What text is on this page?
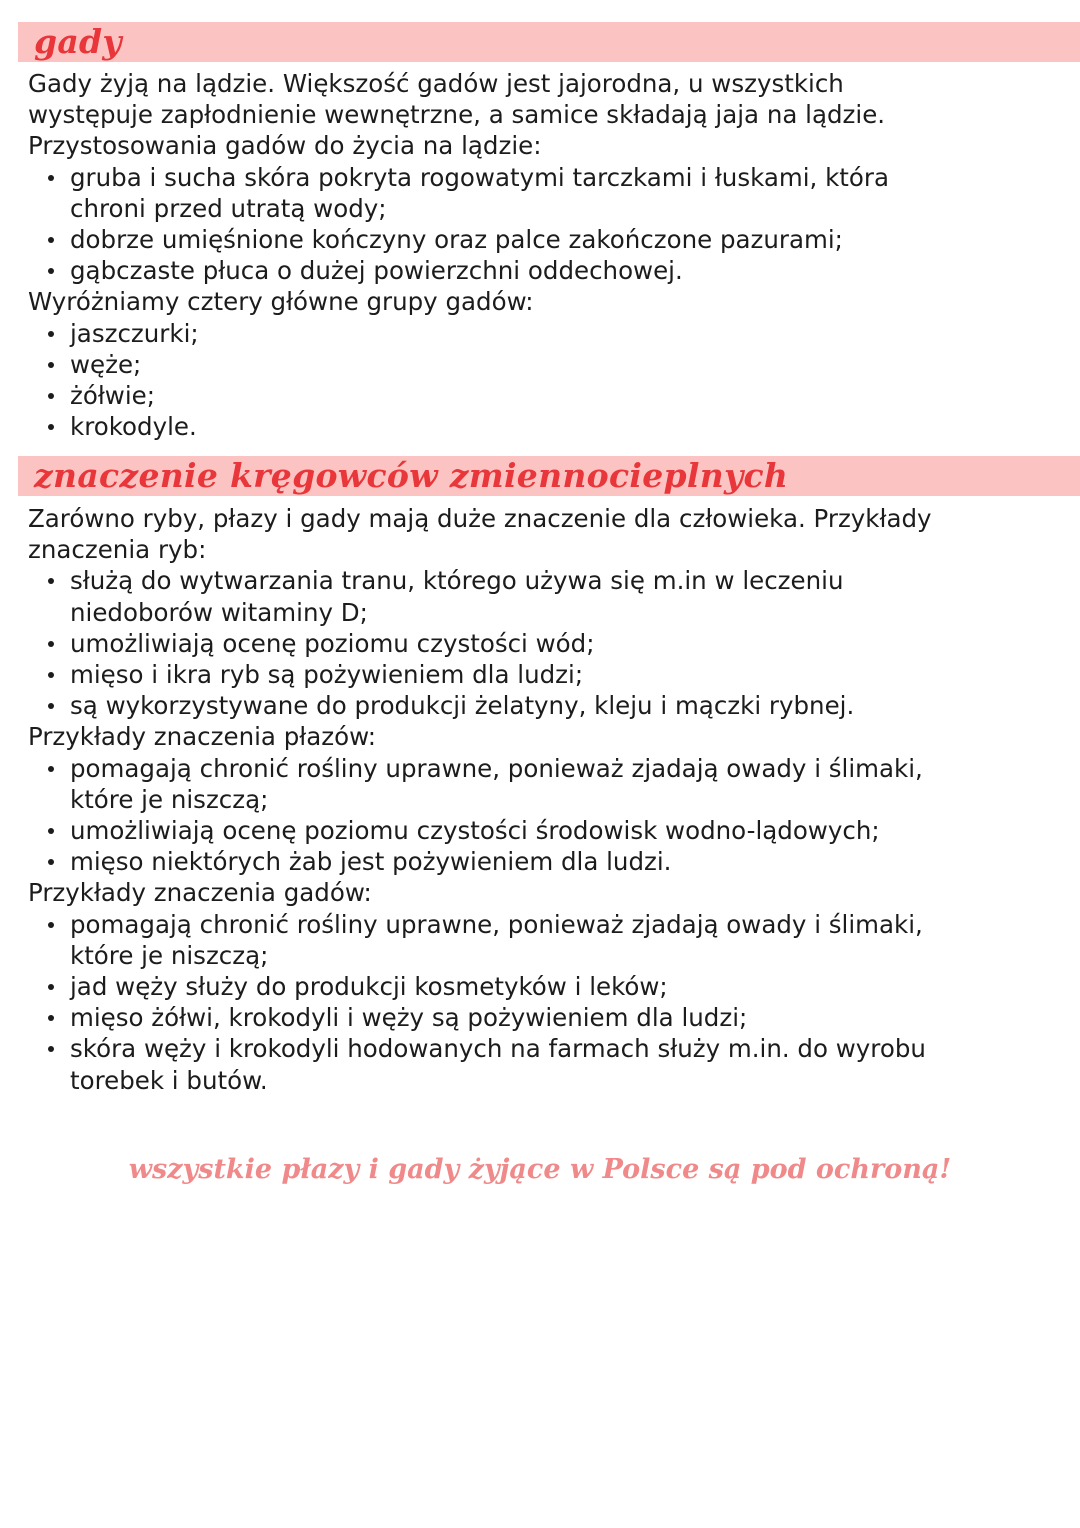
gady
Gady żyją na lądzie. Większość gadów jest jajorodna, u wszystkich
występuje zapłodnienie wewnętrzne, a samice składają jaja na lądzie.
Przystosowania gadów do życia na lądzie:
gruba i sucha skóra pokryta rogowatymi tarczkami i łuskami, która
chroni przed utratą wody;
dobrze umięśnione kończyny oraz palce zakończone pazurami;
gąbczaste płuca o dużej powierzchni oddechowej.
Wyróżniamy cztery główne grupy gadów:
jaszczurki;
węże;
żółwie;
krokodyle.
znaczenie kręgowców zmiennocieplnych
Zarówno ryby, płazy i gady mają duże znaczenie dla człowieka. Przykłady
znaczenia ryb:
służą do wytwarzania tranu, którego używa się m.in w leczeniu
niedoborów witaminy D;
umożliwiają ocenę poziomu czystości wód;
mięso i ikra ryb są pożywieniem dla ludzi;
są wykorzystywane do produkcji żelatyny, kleju i mączki rybnej.
Przykłady znaczenia płazów:
pomagają chronić rośliny uprawne, ponieważ zjadają owady i ślimaki,
które je niszczą;
umożliwiają ocenę poziomu czystości środowisk wodno-lądowych;
mięso niektórych żab jest pożywieniem dla ludzi.
Przykłady znaczenia gadów:
pomagają chronić rośliny uprawne, ponieważ zjadają owady i ślimaki,
które je niszczą;
jad węży służy do produkcji kosmetyków i leków;
mięso żółwi, krokodyli i węży są pożywieniem dla ludzi;
skóra węży i krokodyli hodowanych na farmach służy m.in. do wyrobu
torebek i butów.
wszystkie płazy i gady żyjące w Polsce są pod ochroną!
